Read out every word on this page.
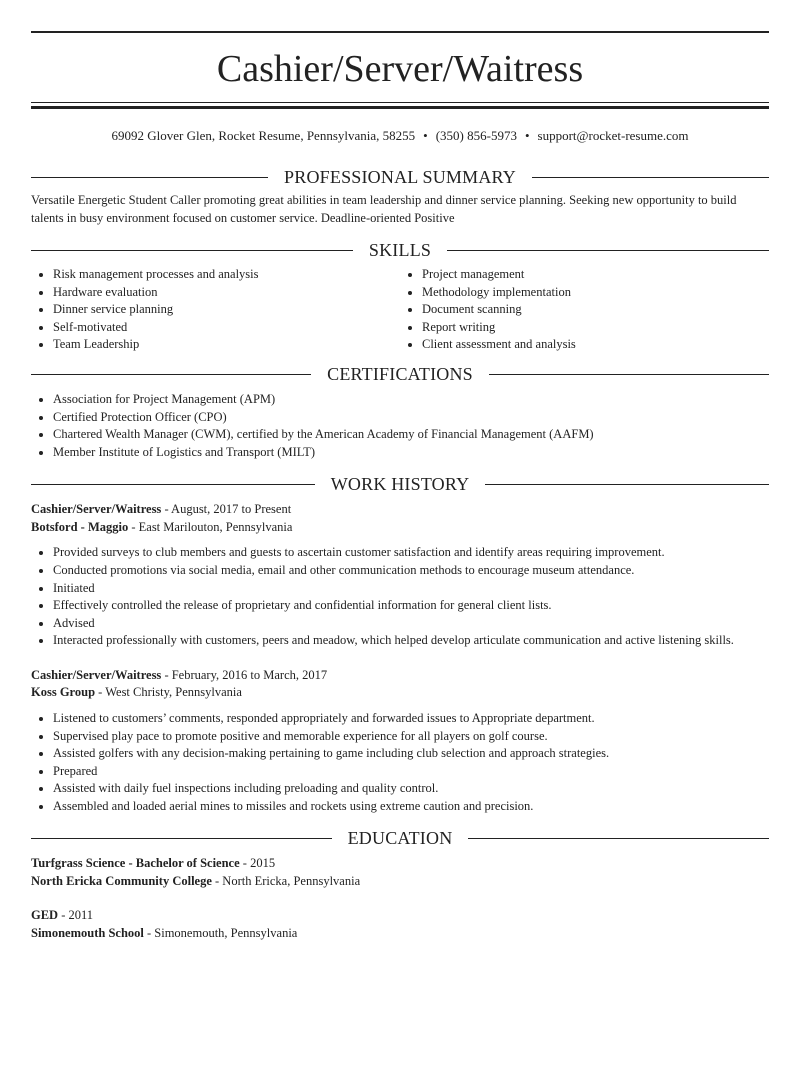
Cashier/Server/Waitress
69092 Glover Glen, Rocket Resume, Pennsylvania, 58255 • (350) 856-5973 • support@rocket-resume.com
PROFESSIONAL SUMMARY

Versatile Energetic Student Caller promoting great abilities in team leadership and dinner service planning. Seeking new opportunity to build talents in busy environment focused on customer service. Deadline-oriented Positive

SKILLS
• Risk management processes and analysis
• Hardware evaluation
• Dinner service planning
• Self-motivated
• Team Leadership
• Project management
• Methodology implementation
• Document scanning
• Report writing
• Client assessment and analysis
CERTIFICATIONS
• Association for Project Management (APM)
• Certified Protection Officer (CPO)
• Chartered Wealth Manager (CWM), certified by the American Academy of Financial Management (AAFM)
• Member Institute of Logistics and Transport (MILT)
WORK HISTORY
Cashier/Server/Waitress - August, 2017 to Present
Botsford - Maggio - East Marilouton, Pennsylvania
• Provided surveys to club members and guests to ascertain customer satisfaction and identify areas requiring improvement.
• Conducted promotions via social media, email and other communication methods to encourage museum attendance.
• Initiated
• Effectively controlled the release of proprietary and confidential information for general client lists.
• Advised
• Interacted professionally with customers, peers and meadow, which helped develop articulate communication and active listening skills.
Cashier/Server/Waitress - February, 2016 to March, 2017
Koss Group - West Christy, Pennsylvania
• Listened to customers’ comments, responded appropriately and forwarded issues to Appropriate department.
• Supervised play pace to promote positive and memorable experience for all players on golf course.
• Assisted golfers with any decision-making pertaining to game including club selection and approach strategies.
• Prepared
• Assisted with daily fuel inspections including preloading and quality control.
• Assembled and loaded aerial mines to missiles and rockets using extreme caution and precision.
EDUCATION
Turfgrass Science - Bachelor of Science - 2015
North Ericka Community College - North Ericka, Pennsylvania
GED - 2011
Simonemouth School - Simonemouth, Pennsylvania
